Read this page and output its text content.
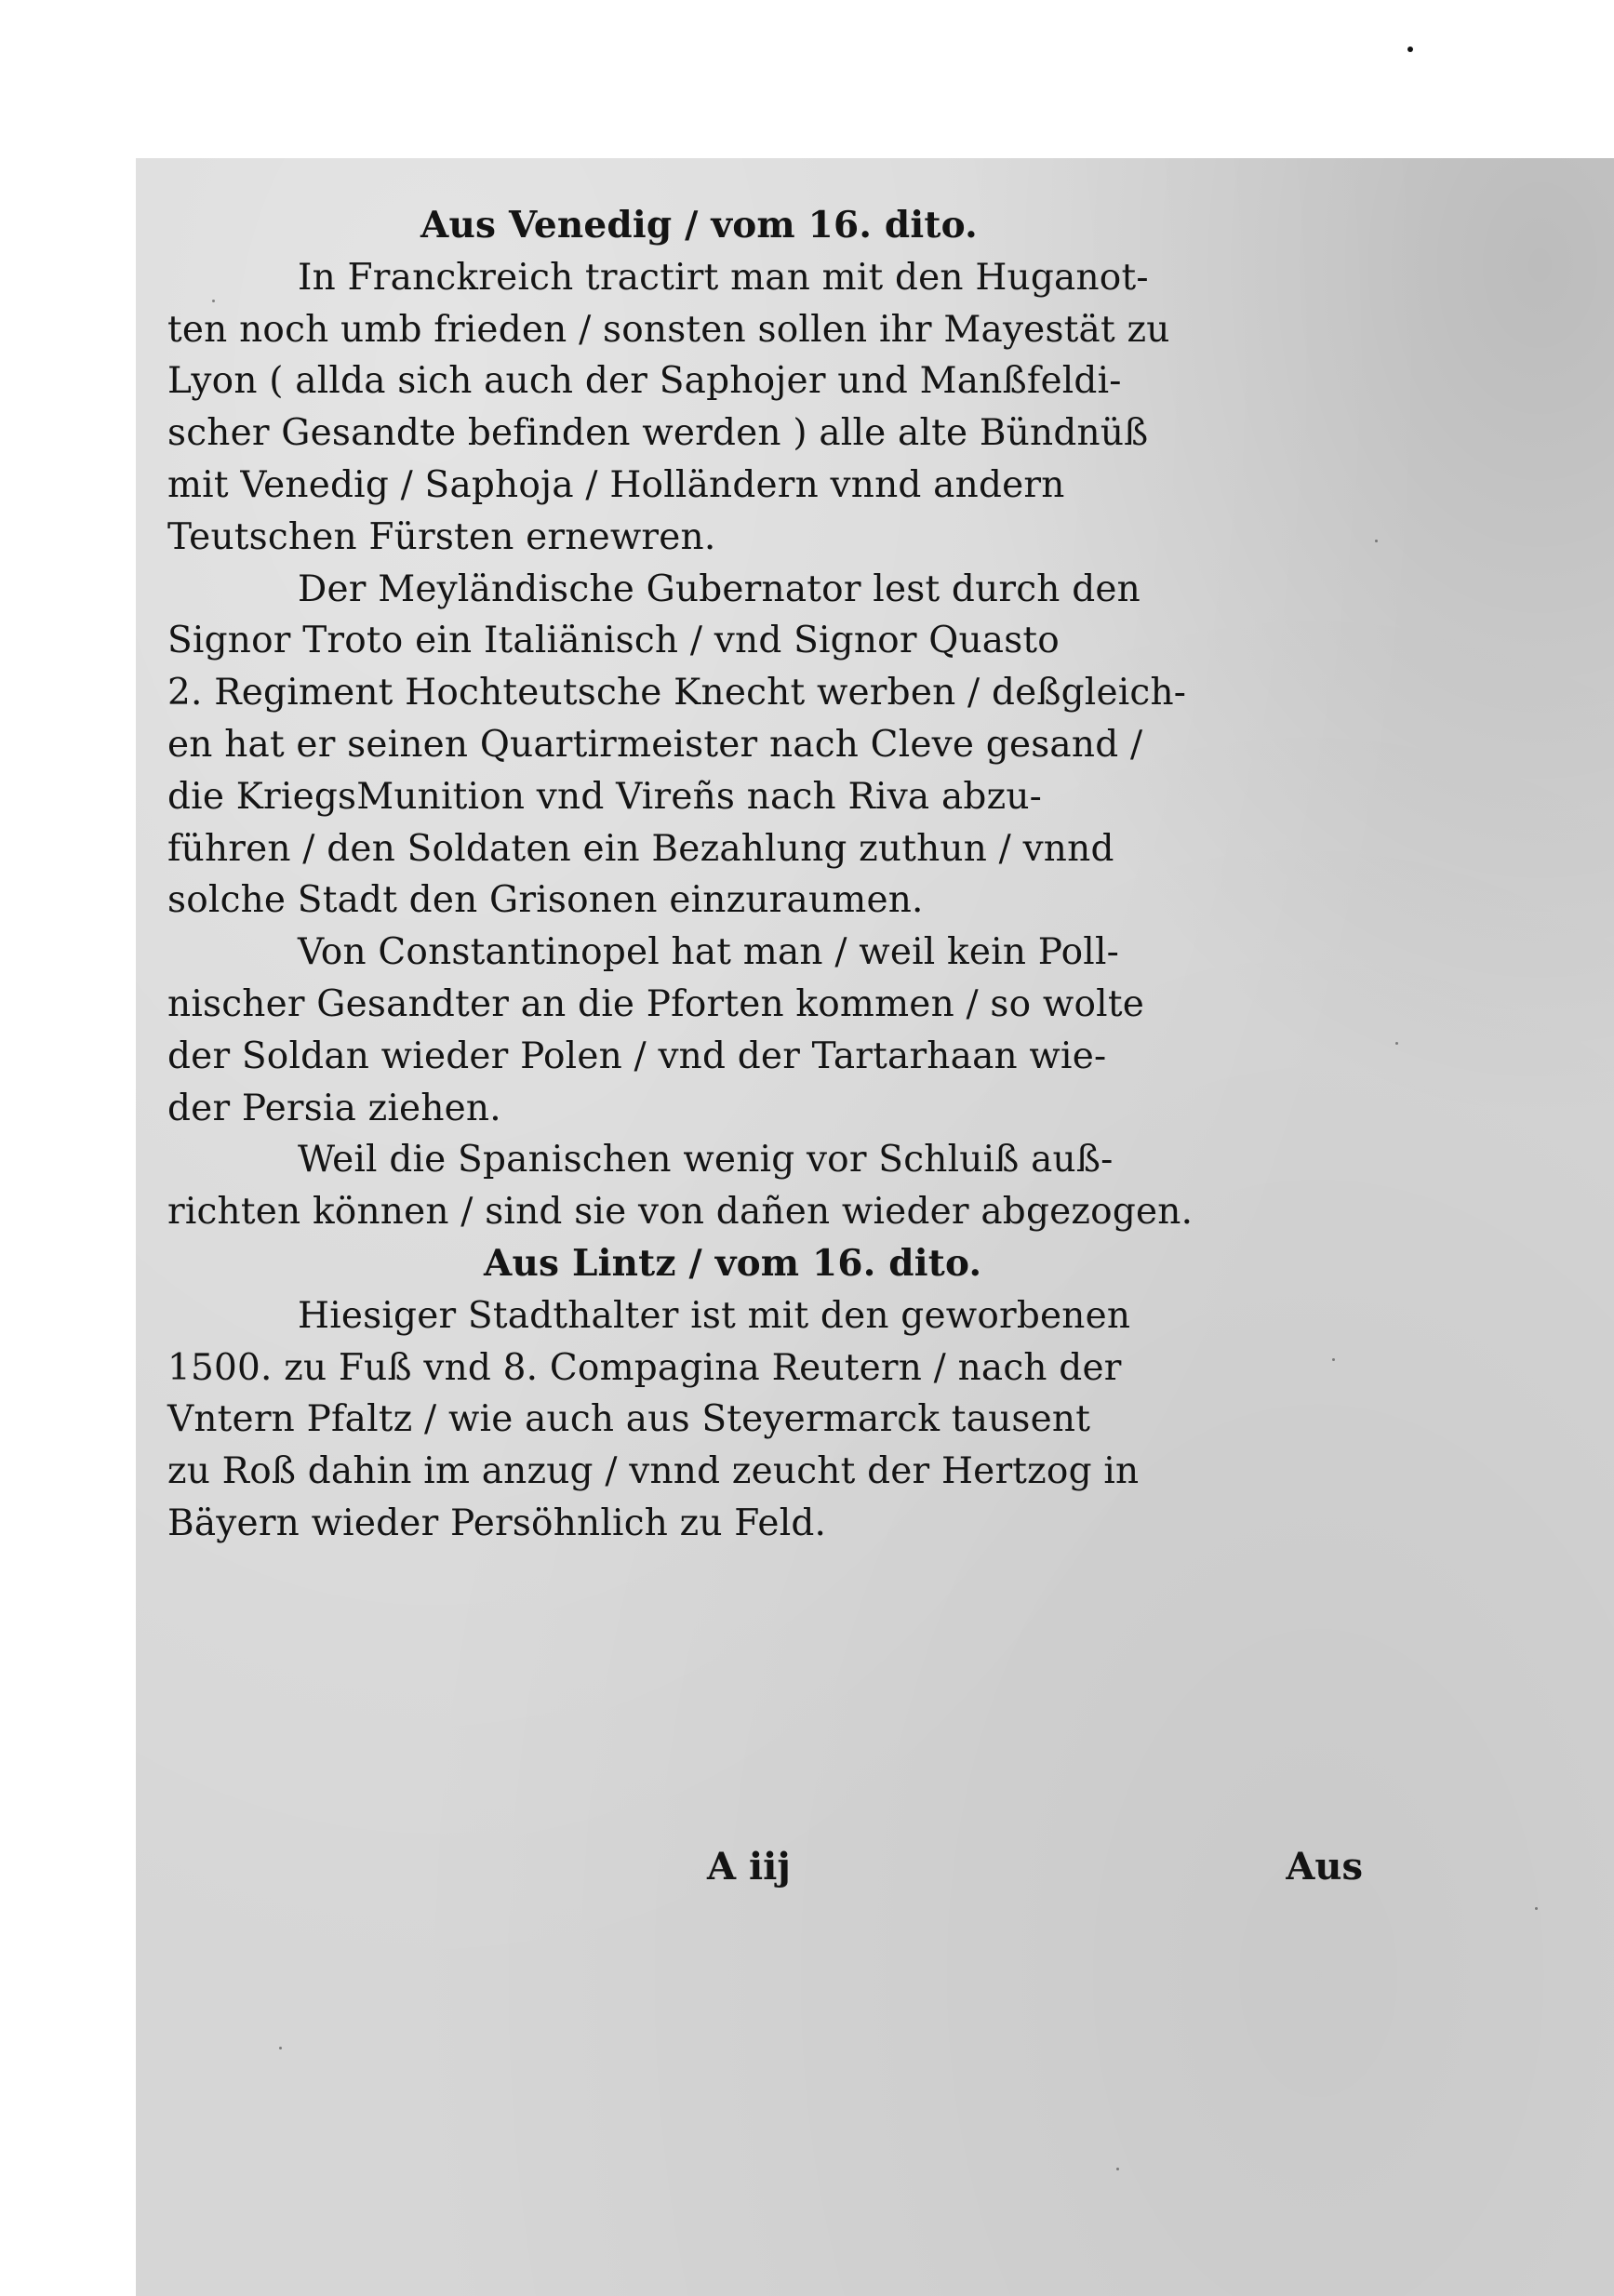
Aus Venedig / vom 16. dito.
In Franckreich tractirt man mit den Huganot-
ten noch umb frieden / sonsten sollen ihr Mayestät zu
Lyon ( allda sich auch der Saphojer und Manßfeldi-
scher Gesandte befinden werden ) alle alte Bündnüß
mit Venedig / Saphoja / Holländern vnnd andern
Teutschen Fürsten ernewren.
Der Meyländische Gubernator lest durch den
Signor Troto ein Italiänisch / vnd Signor Quasto
2. Regiment Hochteutsche Knecht werben / deßgleich-
en hat er seinen Quartirmeister nach Cleve gesand /
die KriegsMunition vnd Vireñs nach Riva abzu-
führen / den Soldaten ein Bezahlung zuthun / vnnd
solche Stadt den Grisonen einzuraumen.
Von Constantinopel hat man / weil kein Poll-
nischer Gesandter an die Pforten kommen / so wolte
der Soldan wieder Polen / vnd der Tartarhaan wie-
der Persia ziehen.
Weil die Spanischen wenig vor Schluiß auß-
richten können / sind sie von dañen wieder abgezogen.
Aus Lintz / vom 16. dito.
Hiesiger Stadthalter ist mit den geworbenen
1500. zu Fuß vnd 8. Compagina Reutern / nach der
Vntern Pfaltz / wie auch aus Steyermarck tausent
zu Roß dahin im anzug / vnnd zeucht der Hertzog in
Bäyern wieder Persöhnlich zu Feld.
A iij	Aus
